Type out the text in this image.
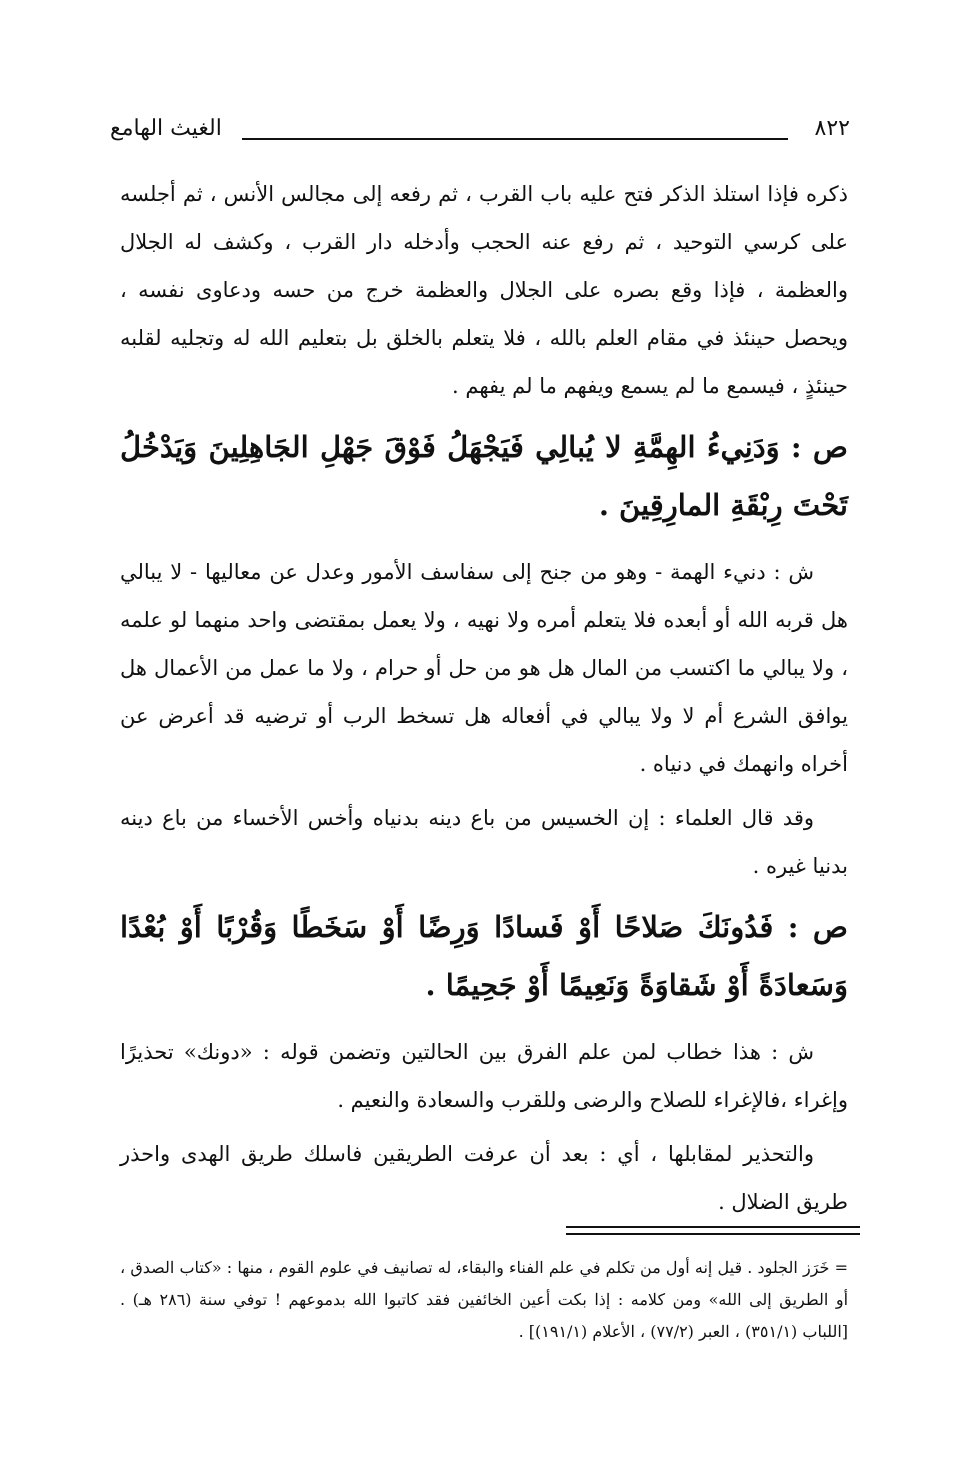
٨٢٢
الغيث الهامع

ذكره فإذا استلذ الذكر فتح عليه باب القرب ، ثم رفعه إلى مجالس الأنس ، ثم أجلسه على كرسي التوحيد ، ثم رفع عنه الحجب وأدخله دار القرب ، وكشف له الجلال والعظمة ، فإذا وقع بصره على الجلال والعظمة خرج من حسه ودعاوى نفسه ، ويحصل حينئذ في مقام العلم بالله ، فلا يتعلم بالخلق بل بتعليم الله له وتجليه لقلبه حينئذٍ ، فيسمع ما لم يسمع ويفهم ما لم يفهم .

ص : وَدَنِيءُ الهِمَّةِ لا يُبالِي فَيَجْهَلُ فَوْقَ جَهْلِ الجَاهِلِينَ وَيَدْخُلُ تَحْتَ رِبْقَةِ المارِقِينَ .

ش : دنيء الهمة - وهو من جنح إلى سفاسف الأمور وعدل عن معاليها - لا يبالي هل قربه الله أو أبعده فلا يتعلم أمره ولا نهيه ، ولا يعمل بمقتضى واحد منهما لو علمه ، ولا يبالي ما اكتسب من المال هل هو من حل أو حرام ، ولا ما عمل من الأعمال هل يوافق الشرع أم لا ولا يبالي في أفعاله هل تسخط الرب أو ترضيه قد أعرض عن أخراه وانهمك في دنياه .

وقد قال العلماء : إن الخسيس من باع دينه بدنياه وأخس الأخساء من باع دينه بدنيا غيره .

ص : فَدُونَكَ صَلاحًا أَوْ فَسادًا وَرِضًا أَوْ سَخَطًا وَقُرْبًا أَوْ بُعْدًا وَسَعادَةً أَوْ شَقاوَةً وَنَعِيمًا أَوْ جَحِيمًا .

ش : هذا خطاب لمن علم الفرق بين الحالتين وتضمن قوله : «دونك» تحذيرًا وإغراء ،فالإغراء للصلاح والرضى وللقرب والسعادة والنعيم .

والتحذير لمقابلها ، أي : بعد أن عرفت الطريقين فاسلك طريق الهدى واحذر طريق الضلال .

= خَرَز الجلود . قيل إنه أول من تكلم في علم الفناء والبقاء، له تصانيف في علوم القوم ، منها : «كتاب الصدق ، أو الطريق إلى الله» ومن كلامه : إذا بكت أعين الخائفين فقد كاتبوا الله بدموعهم ! توفي سنة (٢٨٦ هـ) . [اللباب (٣٥١/١) ، العبر (٧٧/٢) ، الأعلام (١٩١/١)] .
